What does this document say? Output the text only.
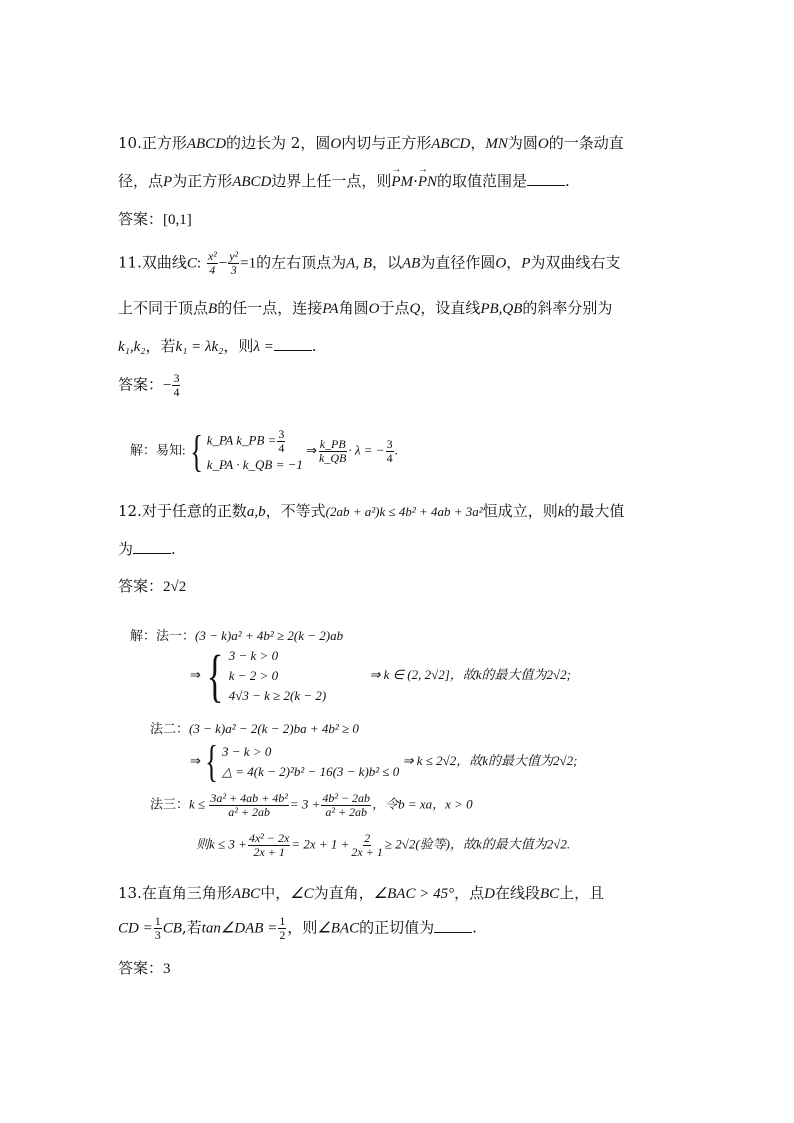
10.正方形ABCD的边长为 2，圆O内切与正方形ABCD，MN为圆O的一条动直
径，点P为正方形ABCD边界上任一点，则→ PM·→ PN的取值范围是	.
答案：[0,1]
11.双曲线C: $\frac{\text{x²}}{4} - \frac{\text{y²}}{3} =1$的左右顶点为A, B，以AB为直径作圆O，P为双曲线右支
上不同于顶点B的任一点，连接PA角圆O于点Q，设直线PB,QB的斜率分别为
k₁,k₂，若k₁ = λk₂，则λ =	.
答案：− $\frac{3}{4}$
解：易知:{ k_PA k_PB = $\frac{3}{4}$
k_PA · k_QB = −1
⇒ $\frac{k\_PB}{k\_QB} \cdot \lambda$ = − $\frac{3}{4}$ .
12.对于任意的正数a,b，不等式(2ab + a²)k ≤ 4b² + 4ab + 3a²恒成立，则k的最大值
为	.
答案：2√2
解：法一：(3 − k)a² + 4b² ≥ 2(k − 2)ab
⇒{ 3 − k > 0
k − 2 > 0
4√3 − k ≥ 2(k − 2)
⇒ k ∈ (2, 2√2]，故k的最大值为2√2;
法二：(3 − k)a² − 2(k − 2)ba + 4b² ≥ 0
⇒{ 3 − k > 0
△ = 4(k − 2)²b² − 16(3 − k)b² ≤ 0
⇒ k ≤ 2√2，故k的最大值为2√2;
法三：$k \le \frac{\text{3a² + 4ab + 4b²}}{\text{a² + 2ab}} = 3 + \frac{\text{4b² − 2ab}}{\text{a² + 2ab}}$ ，令b = xa，x > 0
则$k \le 3 + \frac{\text{4x² − 2x}}{2x + 1} = 2x + 1 + \frac{2}{2x + 1} \ge 2√2$(验等)，故k的最大值为2√2.
13.在直角三角形ABC中，∠C为直角，∠BAC > 45°，点D在线段BC上，且
CD = $\frac{1}{3}$ CB,若tan∠DAB = $\frac{1}{2}$ ，则∠BAC的正切值为	.
答案：3
